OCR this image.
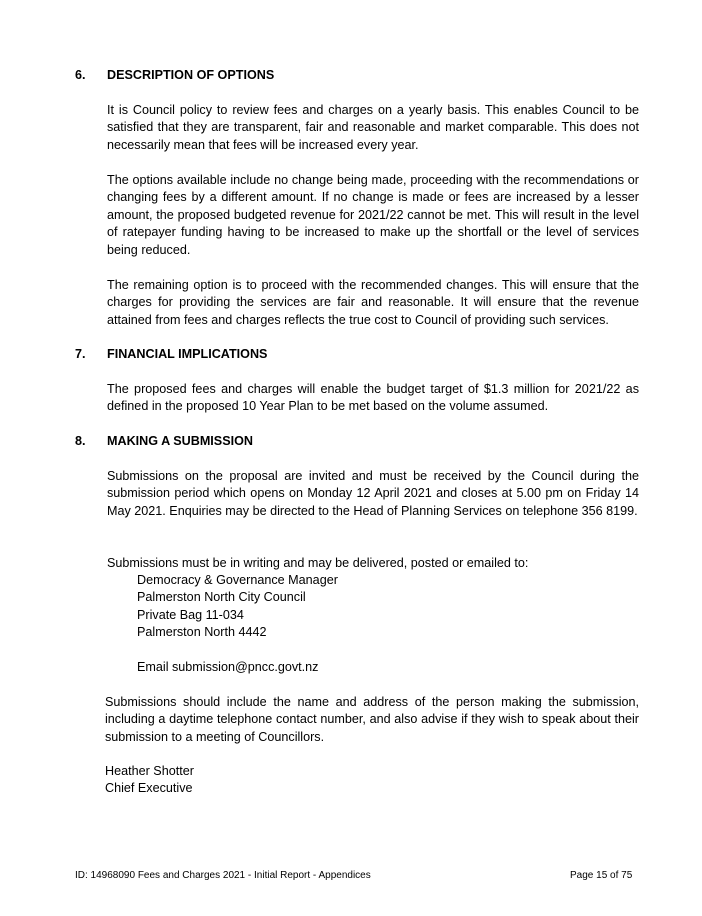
6. DESCRIPTION OF OPTIONS
It is Council policy to review fees and charges on a yearly basis. This enables Council to be satisfied that they are transparent, fair and reasonable and market comparable. This does not necessarily mean that fees will be increased every year.
The options available include no change being made, proceeding with the recommendations or changing fees by a different amount. If no change is made or fees are increased by a lesser amount, the proposed budgeted revenue for 2021/22 cannot be met. This will result in the level of ratepayer funding having to be increased to make up the shortfall or the level of services being reduced.
The remaining option is to proceed with the recommended changes. This will ensure that the charges for providing the services are fair and reasonable. It will ensure that the revenue attained from fees and charges reflects the true cost to Council of providing such services.
7. FINANCIAL IMPLICATIONS
The proposed fees and charges will enable the budget target of $1.3 million for 2021/22 as defined in the proposed 10 Year Plan to be met based on the volume assumed.
8. MAKING A SUBMISSION
Submissions on the proposal are invited and must be received by the Council during the submission period which opens on Monday 12 April 2021 and closes at 5.00 pm on Friday 14 May 2021. Enquiries may be directed to the Head of Planning Services on telephone 356 8199.
Submissions must be in writing and may be delivered, posted or emailed to:
Democracy & Governance Manager
Palmerston North City Council
Private Bag 11-034
Palmerston North 4442
Email submission@pncc.govt.nz
Submissions should include the name and address of the person making the submission, including a daytime telephone contact number, and also advise if they wish to speak about their submission to a meeting of Councillors.
Heather Shotter
Chief Executive
ID: 14968090 Fees and Charges 2021 - Initial Report - Appendices	Page 15 of 75
